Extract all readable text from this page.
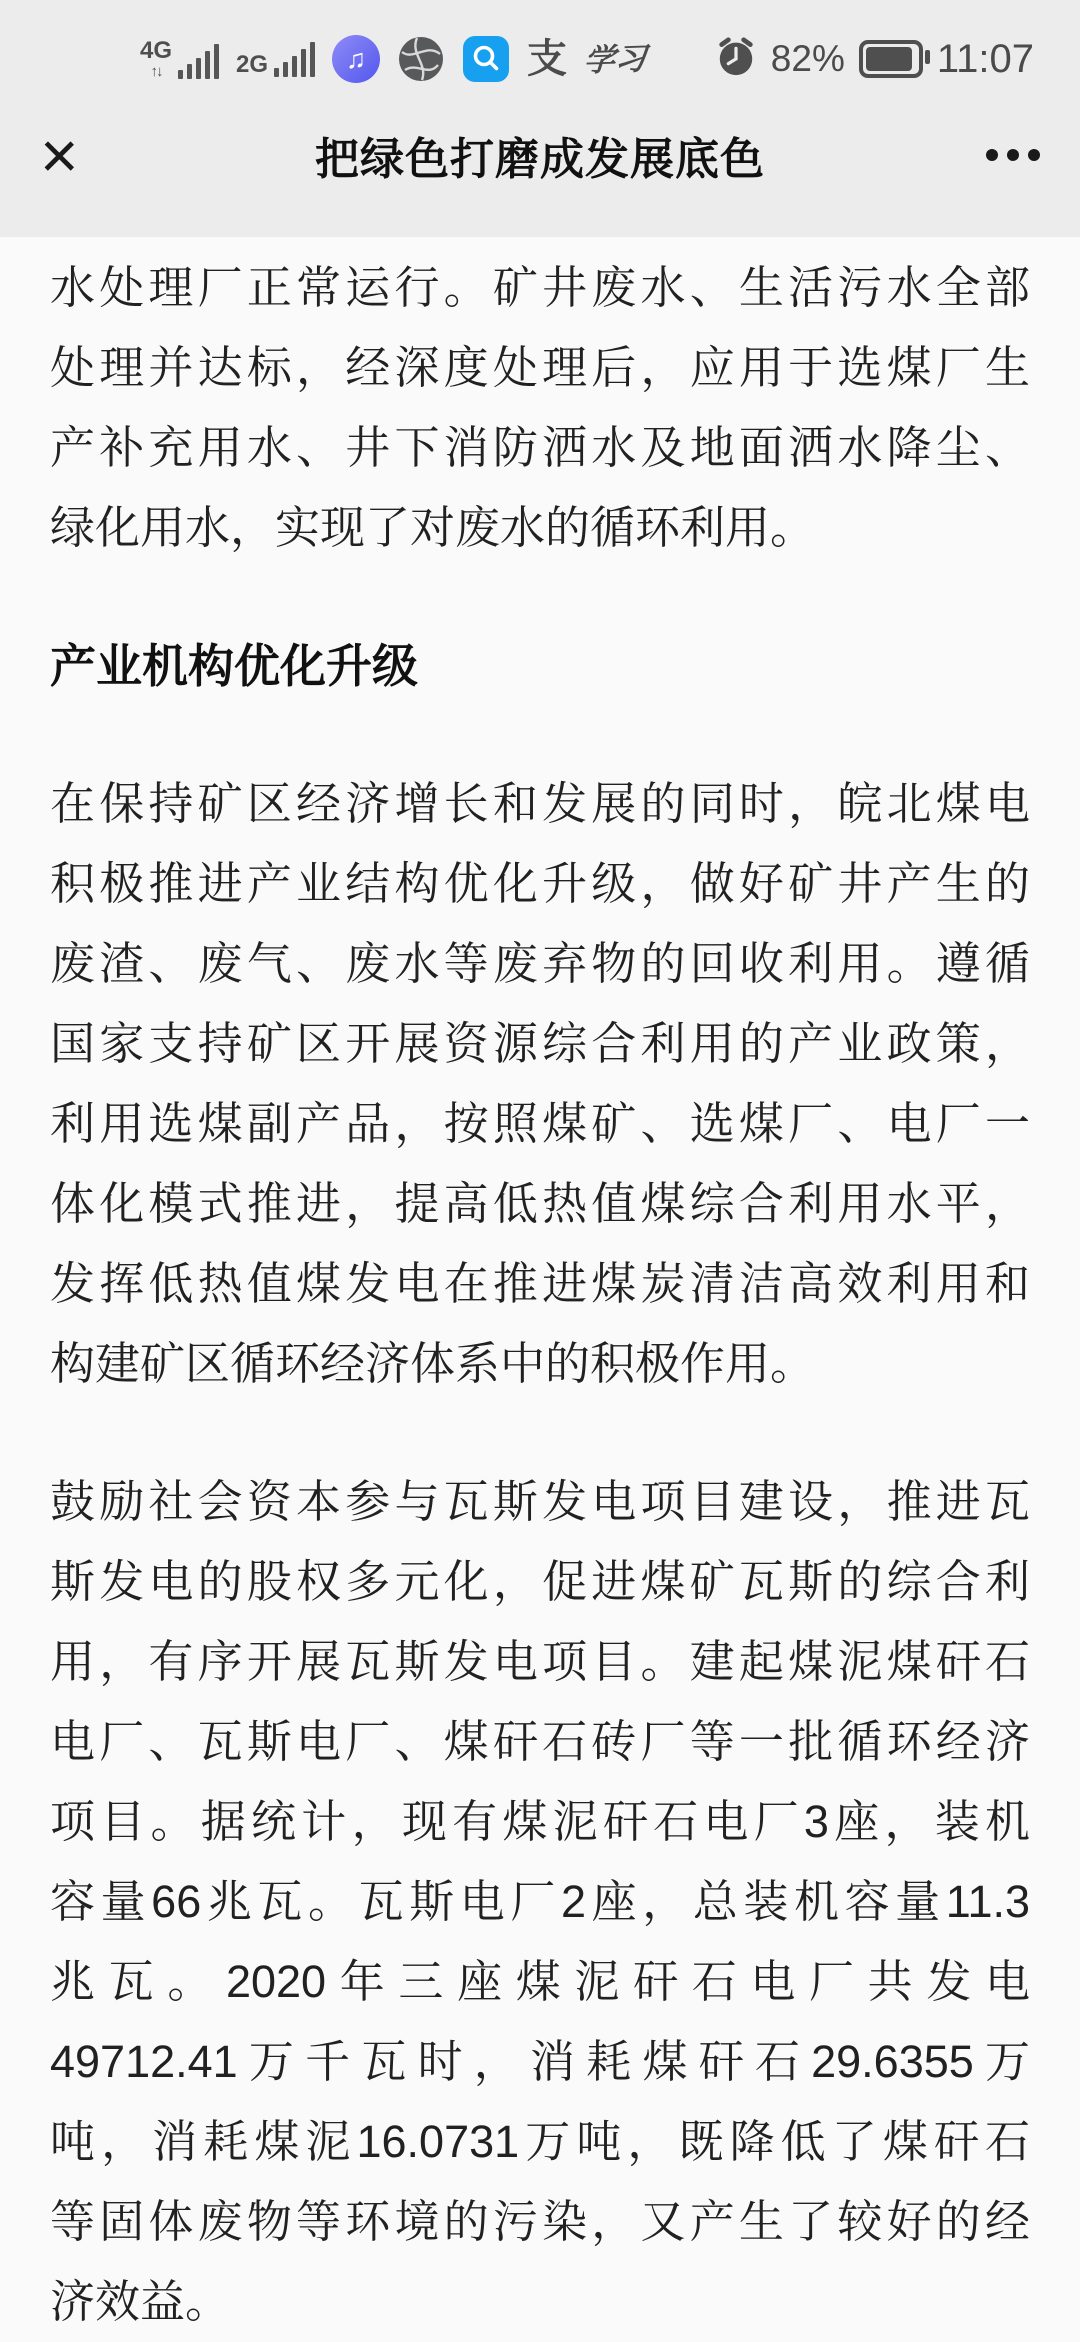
4G
↑↓	2G	♫	支 学习	82% 11:07
×	把绿色打磨成发展底色
水处理厂正常运行。矿井废水、生活污水全部
处理并达标，经深度处理后，应用于选煤厂生
产补充用水、井下消防洒水及地面洒水降尘、
绿化用水，实现了对废水的循环利用。
产业机构优化升级
在保持矿区经济增长和发展的同时，皖北煤电
积极推进产业结构优化升级，做好矿井产生的
废渣、废气、废水等废弃物的回收利用。遵循
国家支持矿区开展资源综合利用的产业政策，
利用选煤副产品，按照煤矿、选煤厂、电厂一
体化模式推进，提高低热值煤综合利用水平，
发挥低热值煤发电在推进煤炭清洁高效利用和
构建矿区循环经济体系中的积极作用。
鼓励社会资本参与瓦斯发电项目建设，推进瓦
斯发电的股权多元化，促进煤矿瓦斯的综合利
用，有序开展瓦斯发电项目。建起煤泥煤矸石
电厂、瓦斯电厂、煤矸石砖厂等一批循环经济
项目。据统计，现有煤泥矸石电厂3座，装机
容量66兆瓦。瓦斯电厂2座，总装机容量11.3
兆瓦。2020年三座煤泥矸石电厂共发电
49712.41万千瓦时，消耗煤矸石29.6355万
吨，消耗煤泥16.0731万吨，既降低了煤矸石
等固体废物等环境的污染，又产生了较好的经
济效益。
